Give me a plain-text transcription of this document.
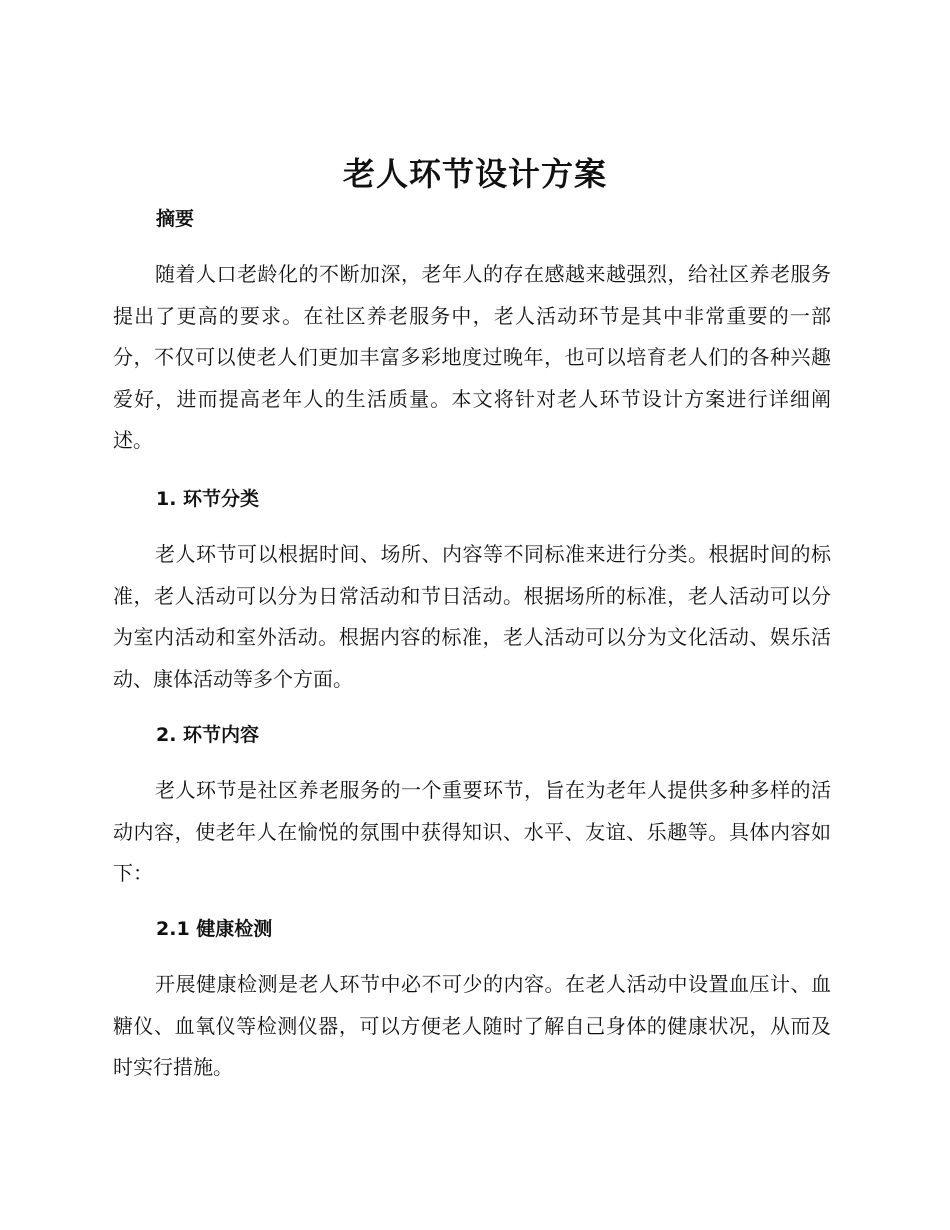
老人环节设计方案
摘要

随着人口老龄化的不断加深，老年人的存在感越来越强烈，给社区养老服务提出了更高的要求。在社区养老服务中，老人活动环节是其中非常重要的一部分，不仅可以使老人们更加丰富多彩地度过晚年，也可以培育老人们的各种兴趣爱好，进而提高老年人的生活质量。本文将针对老人环节设计方案进行详细阐述。

1. 环节分类

老人环节可以根据时间、场所、内容等不同标准来进行分类。根据时间的标准，老人活动可以分为日常活动和节日活动。根据场所的标准，老人活动可以分为室内活动和室外活动。根据内容的标准，老人活动可以分为文化活动、娱乐活动、康体活动等多个方面。

2. 环节内容

老人环节是社区养老服务的一个重要环节，旨在为老年人提供多种多样的活动内容，使老年人在愉悦的氛围中获得知识、水平、友谊、乐趣等。具体内容如下：

2.1 健康检测

开展健康检测是老人环节中必不可少的内容。在老人活动中设置血压计、血糖仪、血氧仪等检测仪器，可以方便老人随时了解自己身体的健康状况，从而及时实行措施。
